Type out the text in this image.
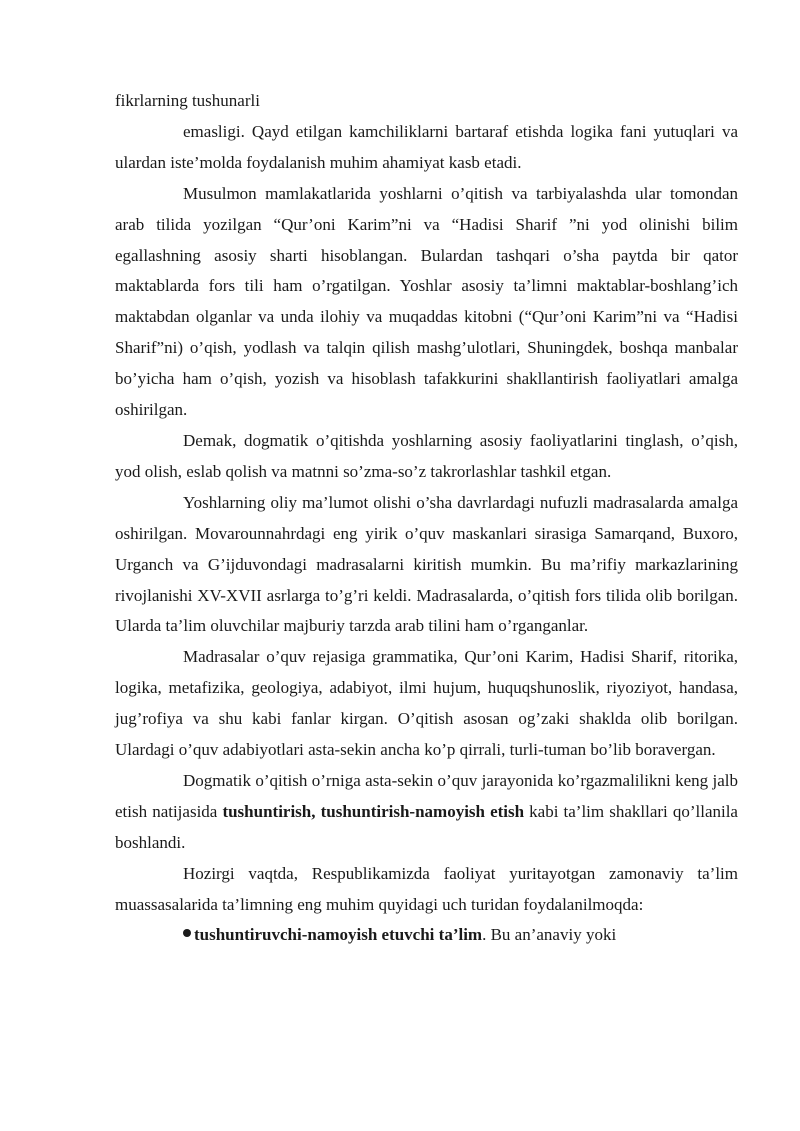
fikrlarning tushunarli

emasligi. Qayd etilgan kamchiliklarni bartaraf etishda logika fani yutuqlari va ulardan iste’molda foydalanish muhim ahamiyat kasb etadi.

Musulmon mamlakatlarida yoshlarni o’qitish va tarbiyalashda ular tomondan arab tilida yozilgan “Qur’oni Karim”ni va “Hadisi Sharif ”ni yod olinishi bilim egallashning asosiy sharti hisoblangan. Bulardan tashqari o’sha paytda bir qator maktablarda fors tili ham o’rgatilgan. Yoshlar asosiy ta’limni maktablar-boshlang’ich maktabdan olganlar va unda ilohiy va muqaddas kitobni (“Qur’oni Karim”ni va “Hadisi Sharif”ni) o’qish, yodlash va talqin qilish mashg’ulotlari, Shuningdek, boshqa manbalar bo’yicha ham o’qish, yozish va hisoblash tafakkurini shakllantirish faoliyatlari amalga oshirilgan.

Demak, dogmatik o’qitishda yoshlarning asosiy faoliyatlarini tinglash, o’qish, yod olish, eslab qolish va matnni so’zma-so’z takrorlashlar tashkil etgan.

Yoshlarning oliy ma’lumot olishi o’sha davrlardagi nufuzli madrasalarda amalga oshirilgan. Movarounnahrdagi eng yirik o’quv maskanlari sirasiga Samarqand, Buxoro, Urganch va G’ijduvondagi madrasalarni kiritish mumkin. Bu ma’rifiy markazlarining rivojlanishi XV-XVII asrlarga to’g’ri keldi. Madrasalarda, o’qitish fors tilida olib borilgan. Ularda ta’lim oluvchilar majburiy tarzda arab tilini ham o’rganganlar.

Madrasalar o’quv rejasiga grammatika, Qur’oni Karim, Hadisi Sharif, ritorika, logika, metafizika, geologiya, adabiyot, ilmi hujum, huquqshunoslik, riyoziyot, handasa, jug’rofiya va shu kabi fanlar kirgan. O’qitish asosan og’zaki shaklda olib borilgan. Ulardagi o’quv adabiyotlari asta-sekin ancha ko’p qirrali, turli-tuman bo’lib boravergan.

Dogmatik o’qitish o’rniga asta-sekin o’quv jarayonida ko’rgazmalilikni keng jalb etish natijasida tushuntirish, tushuntirish-namoyish etish kabi ta’lim shakllari qo’llanila boshlandi.

Hozirgi vaqtda, Respublikamizda faoliyat yuritayotgan zamonaviy ta’lim muassasalarida ta’limning eng muhim quyidagi uch turidan foydalanilmoqda:

tushuntiruvchi-namoyish etuvchi ta’lim. Bu an’anaviy yoki
